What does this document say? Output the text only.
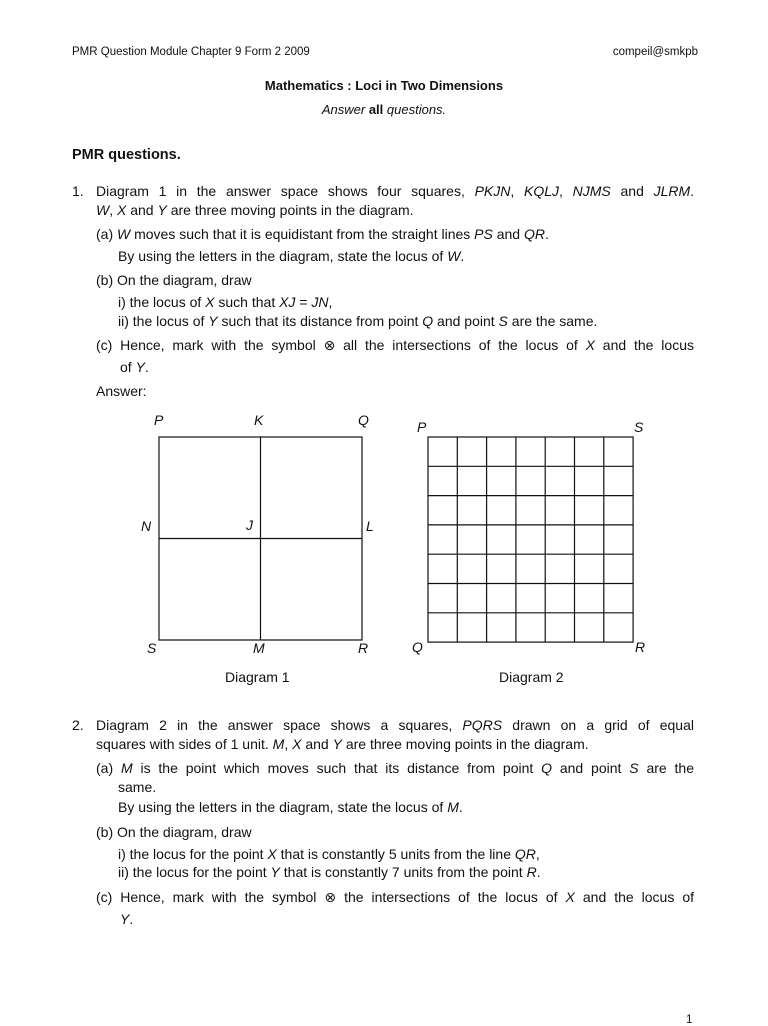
PMR Question Module Chapter 9 Form 2 2009	compeil@smkpb
Mathematics : Loci in Two Dimensions
Answer all questions.
PMR questions.
1. Diagram 1 in the answer space shows four squares, PKJN, KQLJ, NJMS and JLRM.
W, X and Y are three moving points in the diagram.
(a) W moves such that it is equidistant from the straight lines PS and QR.
By using the letters in the diagram, state the locus of W.
(b) On the diagram, draw
i) the locus of X such that XJ = JN,
ii) the locus of Y such that its distance from point Q and point S are the same.
(c) Hence, mark with the symbol ⊗ all the intersections of the locus of X and the locus
of Y.
Answer:
P	K	Q
N	J	L
S	M	R
Diagram 1
P	S
Q	R
Diagram 2
2. Diagram 2 in the answer space shows a squares, PQRS drawn on a grid of equal
squares with sides of 1 unit. M, X and Y are three moving points in the diagram.
(a) M is the point which moves such that its distance from point Q and point S are the
same.
By using the letters in the diagram, state the locus of M.
(b) On the diagram, draw
i) the locus for the point X that is constantly 5 units from the line QR,
ii) the locus for the point Y that is constantly 7 units from the point R.
(c) Hence, mark with the symbol ⊗ the intersections of the locus of X and the locus of
Y.
1
